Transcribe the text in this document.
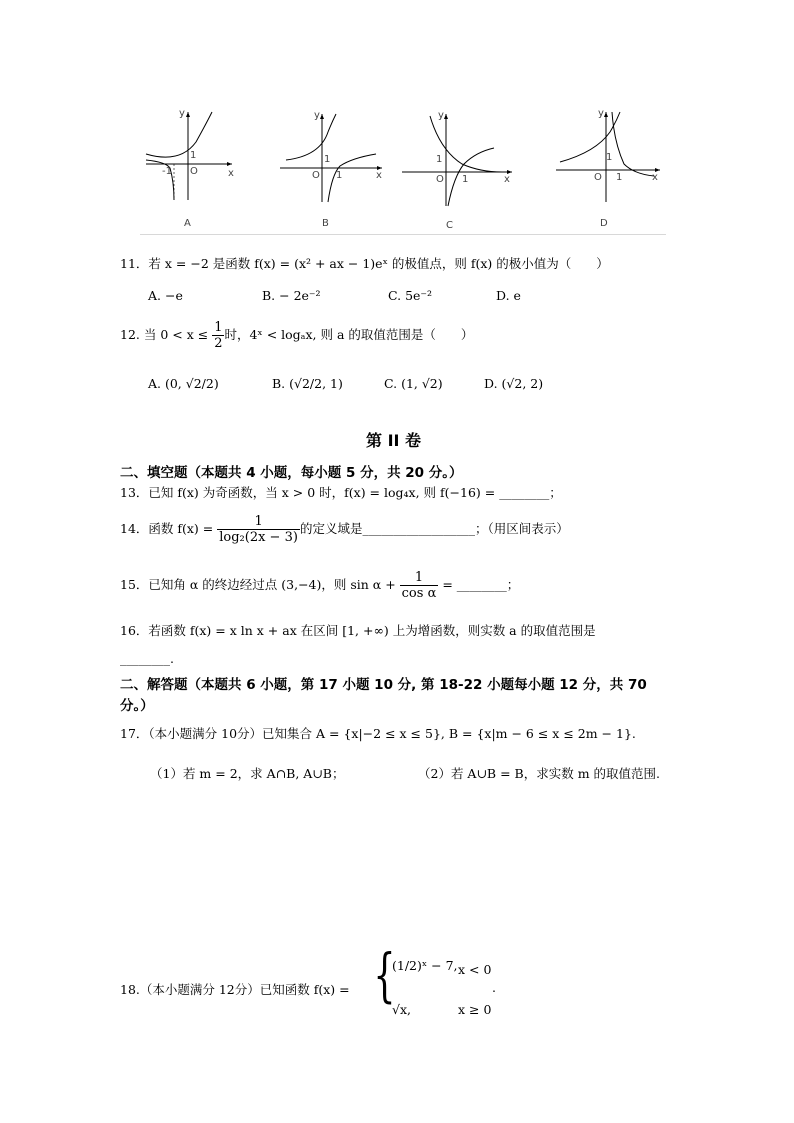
y
x
O
1
-1
y
x
O
1
1
y
x
O
1
1
y
x
O
1
1
A	B	C	D
11．若 x = −2 是函数 f(x) = (x² + ax − 1)eˣ 的极值点，则 f(x) 的极小值为（　　）
A. −e	B. − 2e⁻²	C. 5e⁻²	D. e
12. 当 $0 < x \le \frac{1}{2}$ 时，4ˣ < logₐx, 则 a 的取值范围是（　　）
A. (0, √2/2)	B. (√2/2, 1)	C. (1, √2)	D. (√2, 2)
第 II 卷
二、填空题（本题共 4 小题，每小题 5 分，共 20 分。）
13．已知 f(x) 为奇函数，当 x > 0 时，f(x) = log₄x, 则 f(−16) = ________；
14．函数 $f(x) = \frac{1}{\text{log₂(2x − 3)}}$ 的定义域是__________________；（用区间表示）
15．已知角 α 的终边经过点 (3,−4)，则 $\sin \alpha + \frac{1}{\text{cos α}}$ = ________；
16．若函数 f(x) = x ln x + ax 在区间 [1, +∞) 上为增函数，则实数 a 的取值范围是
________.
二、解答题（本题共 6 小题，第 17 小题 10 分, 第 18-22 小题每小题 12 分，共 70
分。）
17．（本小题满分 10分）已知集合 A = {x|−2 ≤ x ≤ 5}, B = {x|m − 6 ≤ x ≤ 2m − 1}.
（1）若 m = 2，求 A∩B, A∪B；	（2）若 A∪B = B，求实数 m 的取值范围.
18.（本小题满分 12分）已知函数 f(x) = {
(1/2)ˣ − 7, x < 0
√x,	x ≥ 0
.
